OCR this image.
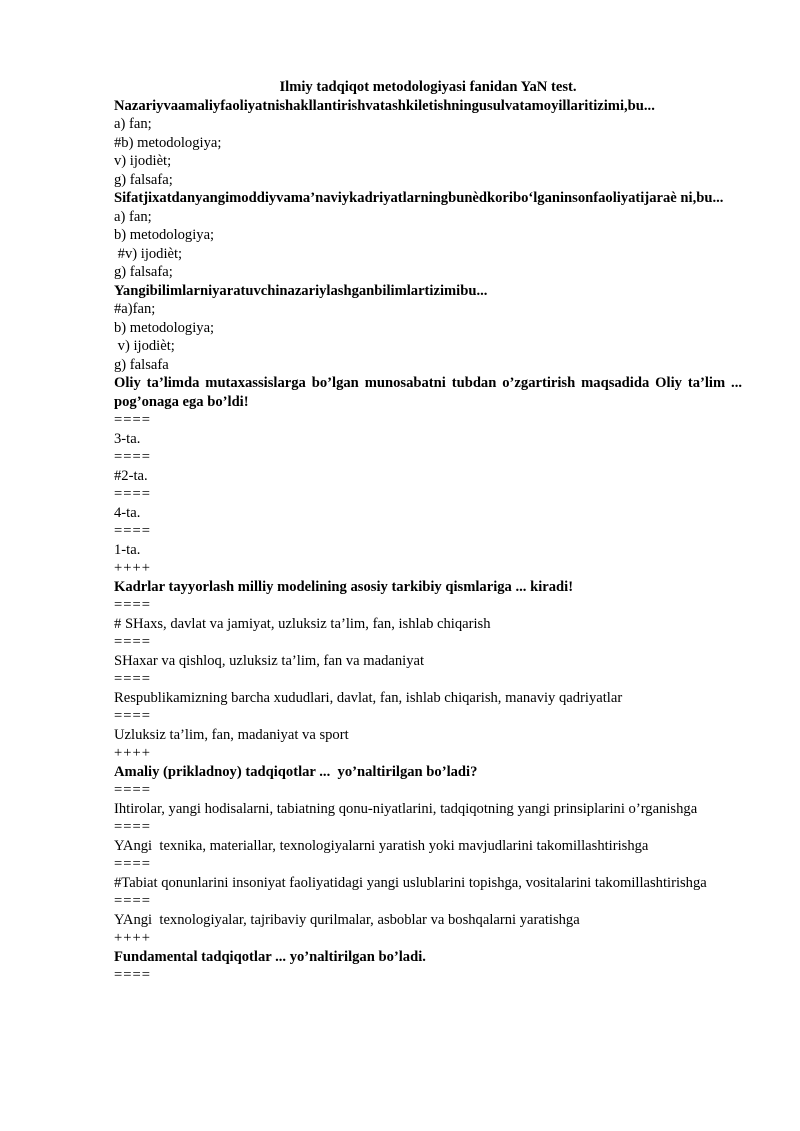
Ilmiy tadqiqot metodologiyasi fanidan YaN test.
Nazariyvaamaliyfaoliyatnishakllantirishvatashkiletishningusulvatamoyillaritizimi,bu...
a) fan;
#b) metodologiya;
v) ijodièt;
g) falsafa;
Sifatjixatdanyangimoddiyvama’naviykadriyatlarningbunèdkoribo‘lganinsonfaoliyatijaraè ni,bu...
a) fan;
b) metodologiya;
#v) ijodièt;
g) falsafa;
Yangibilimlarniyaratuvchinazariylashganbilimlartizimibu...
#a)fan;
b) metodologiya;
v) ijodièt;
g) falsafa
Oliy ta’limda mutaxassislarga bo’lgan munosabatni tubdan o’zgartirish maqsadida Oliy ta’lim ... pog’onaga ega bo’ldi!
====
3-ta.
====
#2-ta.
====
4-ta.
====
1-ta.
++++
Kadrlar tayyorlash milliy modelining asosiy tarkibiy qismlariga ... kiradi!
====
# SHaxs, davlat va jamiyat, uzluksiz ta’lim, fan, ishlab chiqarish
====
SHaxar va qishloq, uzluksiz ta’lim, fan va madaniyat
====
Respublikamizning barcha xududlari, davlat, fan, ishlab chiqarish, manaviy qadriyatlar
====
Uzluksiz ta’lim, fan, madaniyat va sport
++++
Amaliy (prikladnoy) tadqiqotlar ...  yo’naltirilgan bo’ladi?
====
Ihtirolar, yangi hodisalarni, tabiatning qonu-niyatlarini, tadqiqotning yangi prinsiplarini o’rganishga
====
YAngi  texnika, materiallar, texnologiyalarni yaratish yoki mavjudlarini takomillashtirishga
====
#Tabiat qonunlarini insoniyat faoliyatidagi yangi uslublarini topishga, vositalarini takomillashtirishga
====
YAngi  texnologiyalar, tajribaviy qurilmalar, asboblar va boshqalarni yaratishga
++++
Fundamental tadqiqotlar ... yo’naltirilgan bo’ladi.
====
